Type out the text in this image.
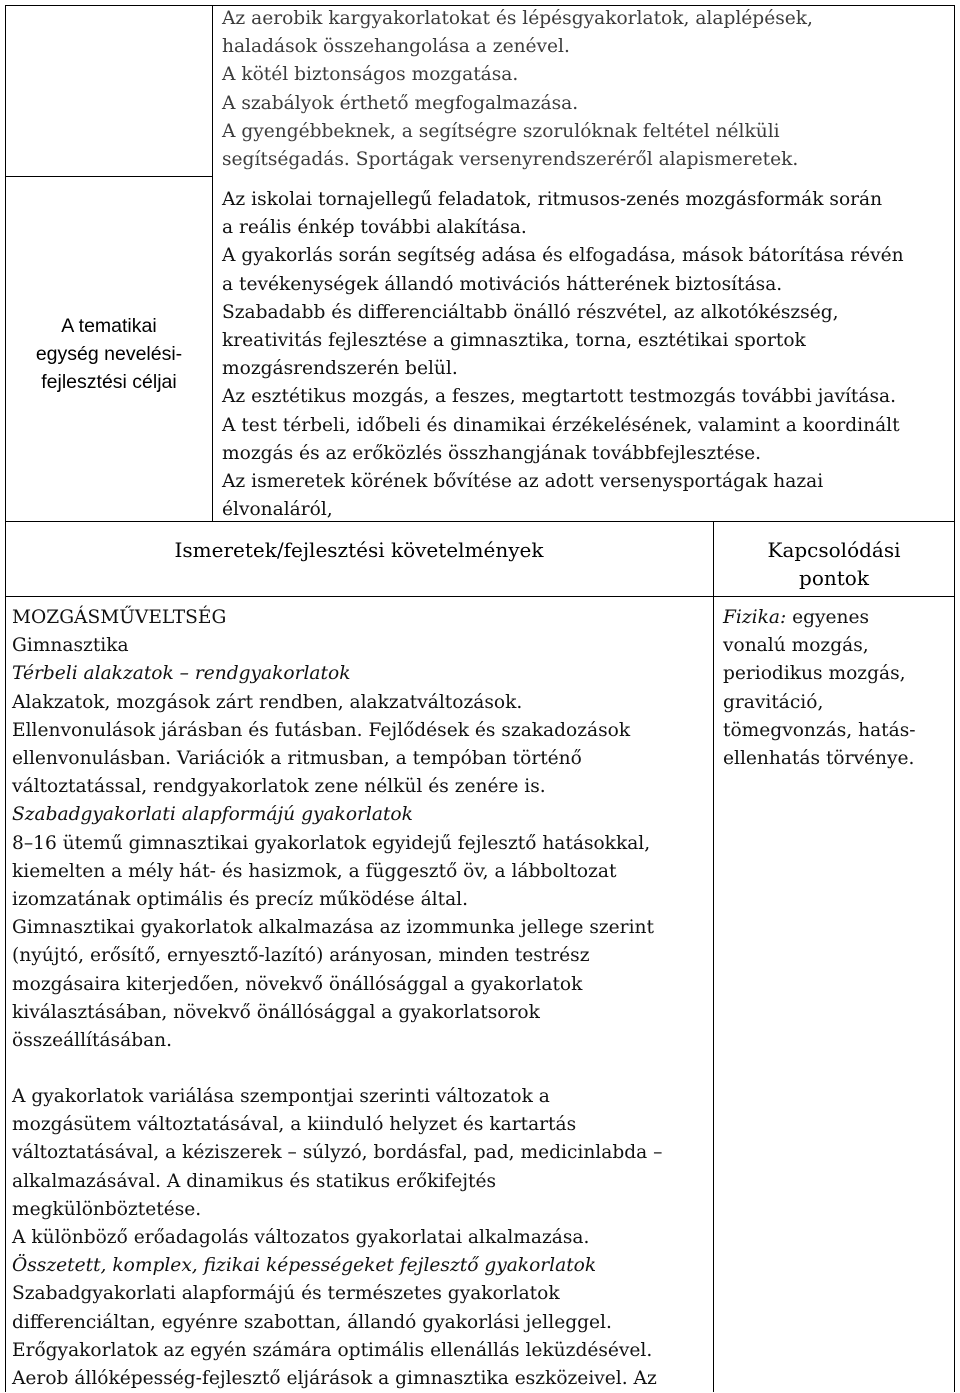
Az aerobik kargyakorlatokat és lépésgyakorlatok, alaplépések,
haladások összehangolása a zenével.
A kötél biztonságos mozgatása.
A szabályok érthető megfogalmazása.
A gyengébbeknek, a segítségre szorulóknak feltétel nélküli
segítségadás. Sportágak versenyrendszeréről alapismeretek.
A tematikai
egység nevelési-
fejlesztési céljai
Az iskolai tornajellegű feladatok, ritmusos-zenés mozgásformák során
a reális énkép további alakítása.
A gyakorlás során segítség adása és elfogadása, mások bátorítása révén
a tevékenységek állandó motivációs hátterének biztosítása.
Szabadabb és differenciáltabb önálló részvétel, az alkotókészség,
kreativitás fejlesztése a gimnasztika, torna, esztétikai sportok
mozgásrendszerén belül.
Az esztétikus mozgás, a feszes, megtartott testmozgás további javítása.
A test térbeli, időbeli és dinamikai érzékelésének, valamint a koordinált
mozgás és az erőközlés összhangjának továbbfejlesztése.
Az ismeretek körének bővítése az adott versenysportágak hazai
élvonaláról,
Ismeretek/fejlesztési követelmények	Kapcsolódási
pontok
MOZGÁSMŰVELTSÉG
Gimnasztika
Térbeli alakzatok – rendgyakorlatok
Alakzatok, mozgások zárt rendben, alakzatváltozások.
Ellenvonulások járásban és futásban. Fejlődések és szakadozások
ellenvonulásban. Variációk a ritmusban, a tempóban történő
változtatással, rendgyakorlatok zene nélkül és zenére is.
Szabadgyakorlati alapformájú gyakorlatok
8–16 ütemű gimnasztikai gyakorlatok egyidejű fejlesztő hatásokkal,
kiemelten a mély hát- és hasizmok, a függesztő öv, a lábboltozat
izomzatának optimális és precíz működése által.
Gimnasztikai gyakorlatok alkalmazása az izommunka jellege szerint
(nyújtó, erősítő, ernyesztő-lazító) arányosan, minden testrész
mozgásaira kiterjedően, növekvő önállósággal a gyakorlatok
kiválasztásában, növekvő önállósággal a gyakorlatsorok
összeállításában.
A gyakorlatok variálása szempontjai szerinti változatok a
mozgásütem változtatásával, a kiinduló helyzet és kartartás
változtatásával, a kéziszerek – súlyzó, bordásfal, pad, medicinlabda –
alkalmazásával. A dinamikus és statikus erőkifejtés
megkülönböztetése.
A különböző erőadagolás változatos gyakorlatai alkalmazása.
Összetett, komplex, fizikai képességeket fejlesztő gyakorlatok
Szabadgyakorlati alapformájú és természetes gyakorlatok
differenciáltan, egyénre szabottan, állandó gyakorlási jelleggel.
Erőgyakorlatok az egyén számára optimális ellenállás leküzdésével.
Aerob állóképesség-fejlesztő eljárások a gimnasztika eszközeivel. Az
Fizika: egyenes
vonalú mozgás,
periodikus mozgás,
gravitáció,
tömegvonzás, hatás-
ellenhatás törvénye.
